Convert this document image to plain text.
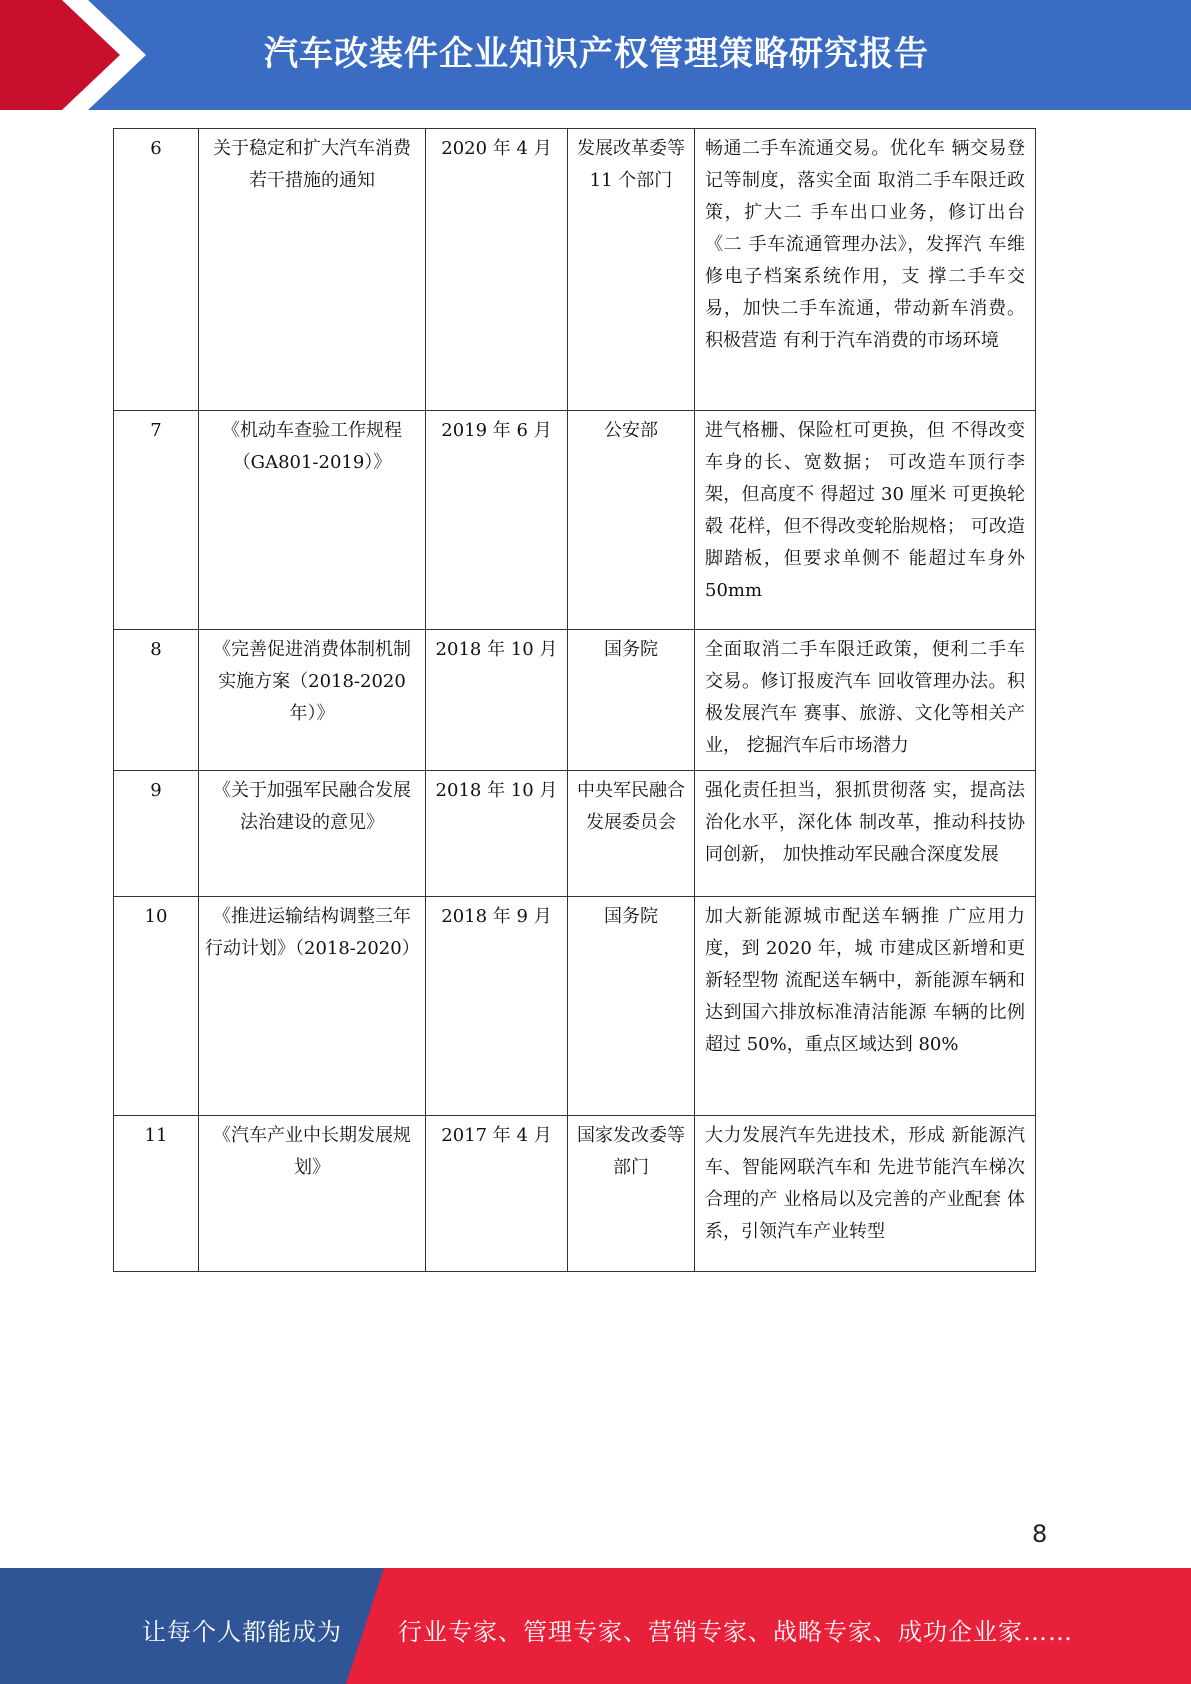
汽车改装件企业知识产权管理策略研究报告
6	关于稳定和扩大汽车消费若干措施的通知	2020 年 4 月	发展改革委等 11 个部门	畅通二手车流通交易。优化车 辆交易登记等制度，落实全面 取消二手车限迁政策，扩大二 手车出口业务，修订出台《二 手车流通管理办法》，发挥汽 车维修电子档案系统作用，支 撑二手车交易，加快二手车流通，带动新车消费。积极营造 有利于汽车消费的市场环境
7	《机动车查验工作规程（GA801-2019）》	2019 年 6 月	公安部	进气格栅、保险杠可更换，但 不得改变车身的长、宽数据； 可改造车顶行李架，但高度不 得超过 30 厘米 可更换轮毂 花样，但不得改变轮胎规格； 可改造脚踏板，但要求单侧不 能超过车身外 50mm
8	《完善促进消费体制机制实施方案（2018-2020年）》	2018 年 10 月	国务院	全面取消二手车限迁政策，便利二手车交易。修订报废汽车 回收管理办法。积极发展汽车 赛事、旅游、文化等相关产业， 挖掘汽车后市场潜力
9	《关于加强军民融合发展法治建设的意见》	2018 年 10 月	中央军民融合发展委员会	强化责任担当，狠抓贯彻落 实，提高法治化水平，深化体 制改革，推动科技协同创新， 加快推动军民融合深度发展
10	《推进运输结构调整三年行动计划》（2018-2020）	2018 年 9 月	国务院	加大新能源城市配送车辆推 广应用力度，到 2020 年，城 市建成区新增和更新轻型物 流配送车辆中，新能源车辆和 达到国六排放标准清洁能源 车辆的比例超过 50%，重点区域达到 80%
11	《汽车产业中长期发展规划》	2017 年 4 月	国家发改委等部门	大力发展汽车先进技术，形成 新能源汽车、智能网联汽车和 先进节能汽车梯次合理的产 业格局以及完善的产业配套 体系，引领汽车产业转型
8
让每个人都能成为 行业专家、管理专家、营销专家、战略专家、成功企业家……
